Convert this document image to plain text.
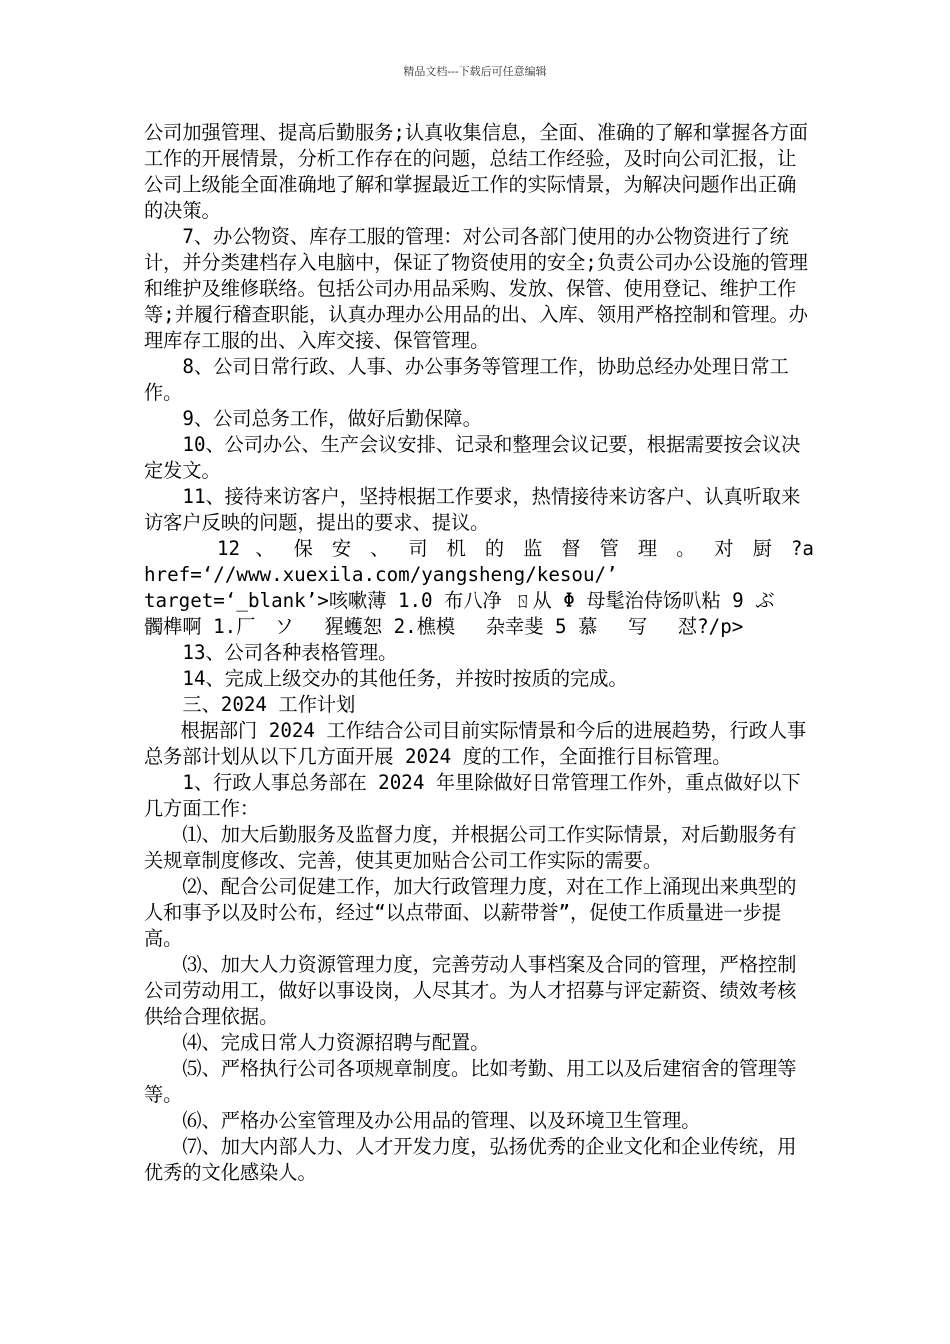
精品文档---下载后可任意编辑

公司加强管理、提高后勤服务;认真收集信息，全面、准确的了解和掌握各方面工作的开展情景，分析工作存在的问题，总结工作经验，及时向公司汇报，让公司上级能全面准确地了解和掌握最近工作的实际情景，为解决问题作出正确的决策。

7、办公物资、库存工服的管理：对公司各部门使用的办公物资进行了统计，并分类建档存入电脑中，保证了物资使用的安全;负责公司办公设施的管理和维护及维修联络。包括公司办用品采购、发放、保管、使用登记、维护工作等;并履行稽查职能，认真办理办公用品的出、入库、领用严格控制和管理。办理库存工服的出、入库交接、保管管理。

8、公司日常行政、人事、办公事务等管理工作，协助总经办处理日常工作。

9、公司总务工作，做好后勤保障。

10、公司办公、生产会议安排、记录和整理会议记要，根据需要按会议决定发文。

11、接待来访客户，坚持根据工作要求，热情接待来访客户、认真听取来访客户反映的问题，提出的要求、提议。

12 、 保 安 、 司 机 的 监 督 管 理 。 对 厨 ?a

href=‘//www.xuexila.com/yangsheng/kesou/’

target=‘_blank’>咳嗽薄 1.0 布八净 ㄖ从 Φ 母髦治侍饧叭粘 9 ぶ

髑榫啊 1.厂　ソ　 猩蠖恕 2.樵模　 杂幸斐 5 慕　 写　 怼?/p>

13、公司各种表格管理。

14、完成上级交办的其他任务，并按时按质的完成。

三、2024 工作计划

根据部门 2024 工作结合公司目前实际情景和今后的进展趋势，行政人事总务部计划从以下几方面开展 2024 度的工作，全面推行目标管理。

1、行政人事总务部在 2024 年里除做好日常管理工作外，重点做好以下几方面工作：

⑴、加大后勤服务及监督力度，并根据公司工作实际情景，对后勤服务有关规章制度修改、完善，使其更加贴合公司工作实际的需要。

⑵、配合公司促建工作，加大行政管理力度，对在工作上涌现出来典型的人和事予以及时公布，经过“以点带面、以薪带誉”，促使工作质量进一步提高。

⑶、加大人力资源管理力度，完善劳动人事档案及合同的管理，严格控制公司劳动用工，做好以事设岗，人尽其才。为人才招募与评定薪资、绩效考核供给合理依据。

⑷、完成日常人力资源招聘与配置。

⑸、严格执行公司各项规章制度。比如考勤、用工以及后建宿舍的管理等等。

⑹、严格办公室管理及办公用品的管理、以及环境卫生管理。

⑺、加大内部人力、人才开发力度，弘扬优秀的企业文化和企业传统，用优秀的文化感染人。
